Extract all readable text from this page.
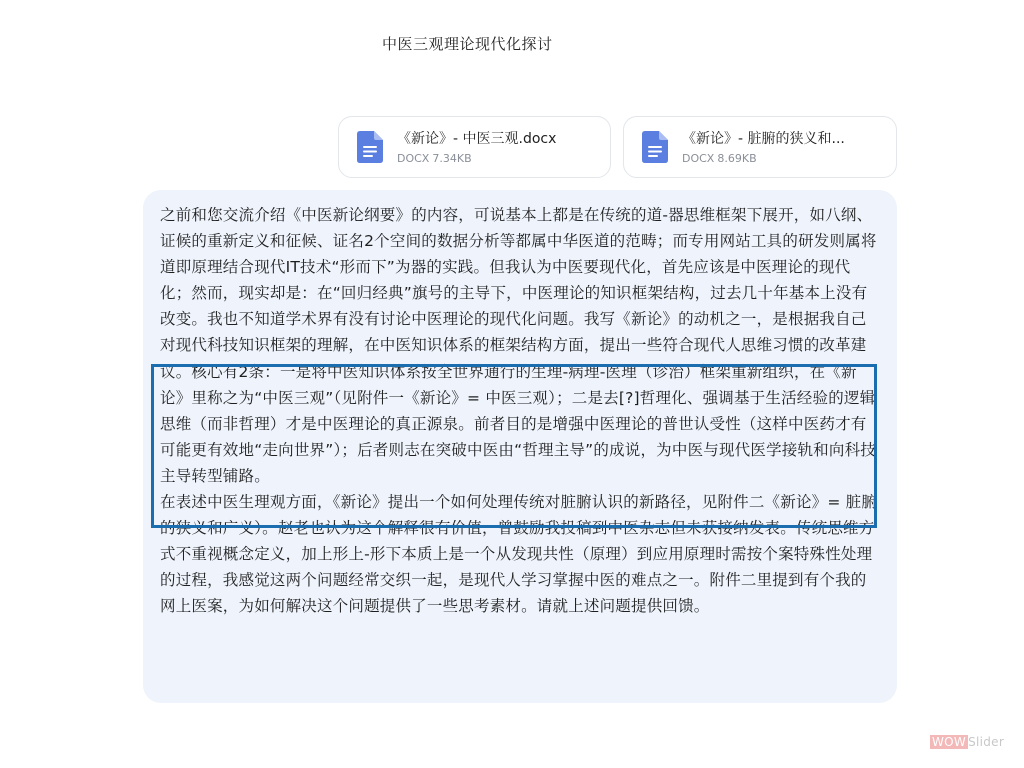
中医三观理论现代化探讨
《新论》- 中医三观.docx
DOCX 7.34KB
《新论》- 脏腑的狭义和...
DOCX 8.69KB

之前和您交流介绍《中医新论纲要》的内容，可说基本上都是在传统的道-器思维框架下展开，如八纲、证候的重新定义和征候、证名2个空间的数据分析等都属中华医道的范畴；而专用网站工具的研发则属将道即原理结合现代IT技术“形而下”为器的实践。但我认为中医要现代化，首先应该是中医理论的现代化；然而，现实却是：在“回归经典”旗号的主导下，中医理论的知识框架结构，过去几十年基本上没有改变。我也不知道学术界有没有讨论中医理论的现代化问题。我写《新论》的动机之一，是根据我自己对现代科技知识框架的理解，在中医知识体系的框架结构方面，提出一些符合现代人思维习惯的改革建议。核心有2条：一是将中医知识体系按全世界通行的生理-病理-医理（诊治）框架重新组织，在《新论》里称之为“中医三观”（见附件一《新论》= 中医三观）；二是去[?]哲理化、强调基于生活经验的逻辑思维（而非哲理）才是中医理论的真正源泉。前者目的是增强中医理论的普世认受性（这样中医药才有可能更有效地“走向世界”）；后者则志在突破中医由“哲理主导”的成说，为中医与现代医学接轨和向科技主导转型铺路。

在表述中医生理观方面，《新论》提出一个如何处理传统对脏腑认识的新路径，见附件二《新论》= 脏腑的狭义和广义）。赵老也认为这个解释很有价值，曾鼓励我投稿到中医杂志但未获接纳发表。传统思维方式不重视概念定义，加上形上-形下本质上是一个从发现共性（原理）到应用原理时需按个案特殊性处理的过程，我感觉这两个问题经常交织一起，是现代人学习掌握中医的难点之一。附件二里提到有个我的网上医案，为如何解决这个问题提供了一些思考素材。请就上述问题提供回馈。

WOW Slider
